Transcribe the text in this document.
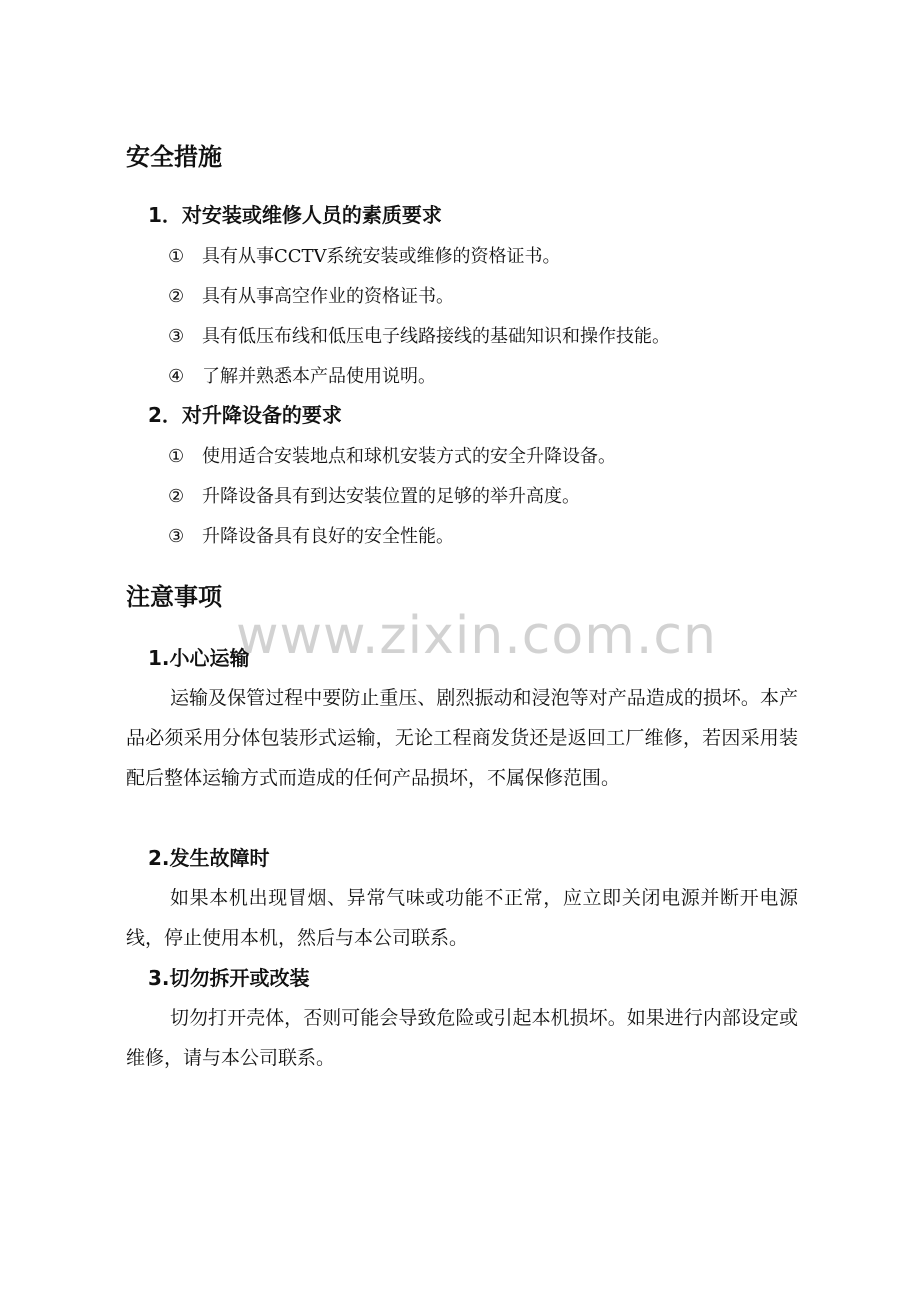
www.zixin.com.cn
安全措施
1．对安装或维修人员的素质要求
① 具有从事CCTV系统安装或维修的资格证书。
② 具有从事高空作业的资格证书。
③ 具有低压布线和低压电子线路接线的基础知识和操作技能。
④ 了解并熟悉本产品使用说明。
2．对升降设备的要求
① 使用适合安装地点和球机安装方式的安全升降设备。
② 升降设备具有到达安装位置的足够的举升高度。
③ 升降设备具有良好的安全性能。
注意事项
1.小心运输

运输及保管过程中要防止重压、剧烈振动和浸泡等对产品造成的损坏。本产品必须采用分体包装形式运输，无论工程商发货还是返回工厂维修，若因采用装配后整体运输方式而造成的任何产品损坏，不属保修范围。

2.发生故障时

如果本机出现冒烟、异常气味或功能不正常，应立即关闭电源并断开电源线，停止使用本机，然后与本公司联系。

3.切勿拆开或改装

切勿打开壳体，否则可能会导致危险或引起本机损坏。如果进行内部设定或维修，请与本公司联系。
